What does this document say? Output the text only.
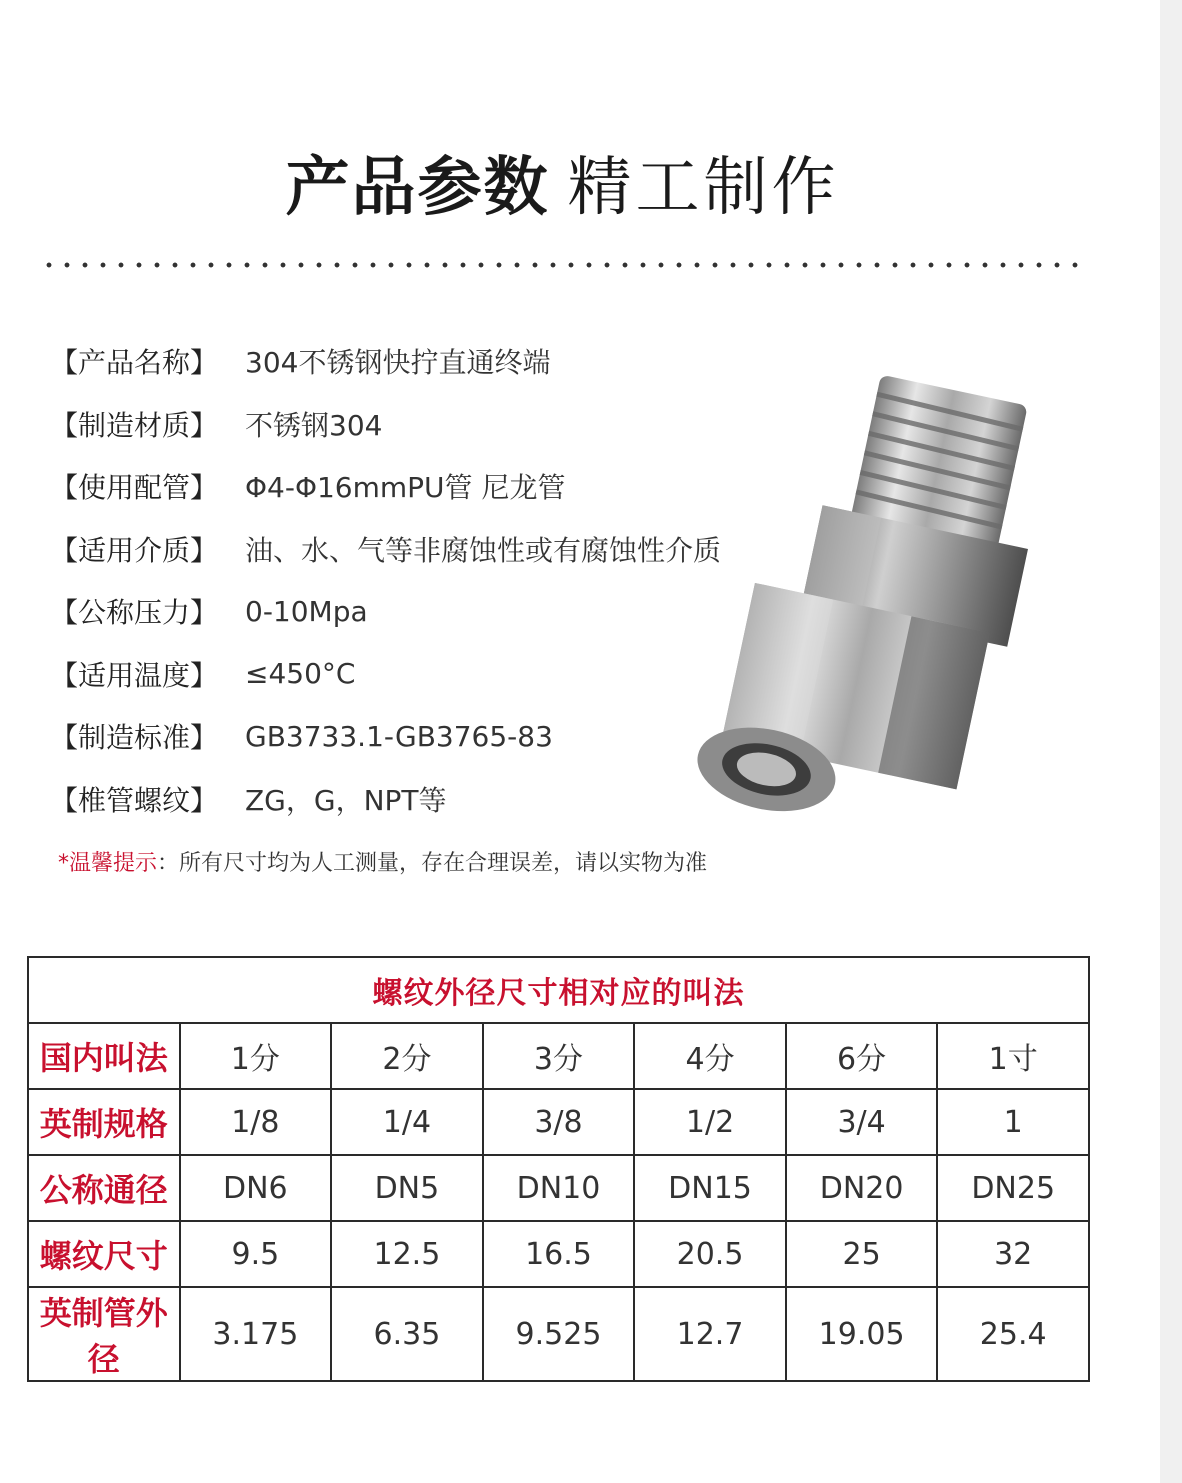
产品参数 精工制作
【产品名称】 304不锈钢快拧直通终端
【制造材质】 不锈钢304
【使用配管】 Φ4-Φ16mmPU管 尼龙管
【适用介质】 油、水、气等非腐蚀性或有腐蚀性介质
【公称压力】 0-10Mpa
【适用温度】 ≤450°C
【制造标准】 GB3733.1-GB3765-83
【椎管螺纹】 ZG，G，NPT等
*温馨提示：所有尺寸均为人工测量，存在合理误差，请以实物为准
螺纹外径尺寸相对应的叫法						
国内叫法	1分	2分	3分	4分	6分	1寸
英制规格	1/8	1/4	3/8	1/2	3/4	1
公称通径	DN6	DN5	DN10	DN15	DN20	DN25
螺纹尺寸	9.5	12.5	16.5	20.5	25	32
英制管外径	3.175	6.35	9.525	12.7	19.05	25.4
